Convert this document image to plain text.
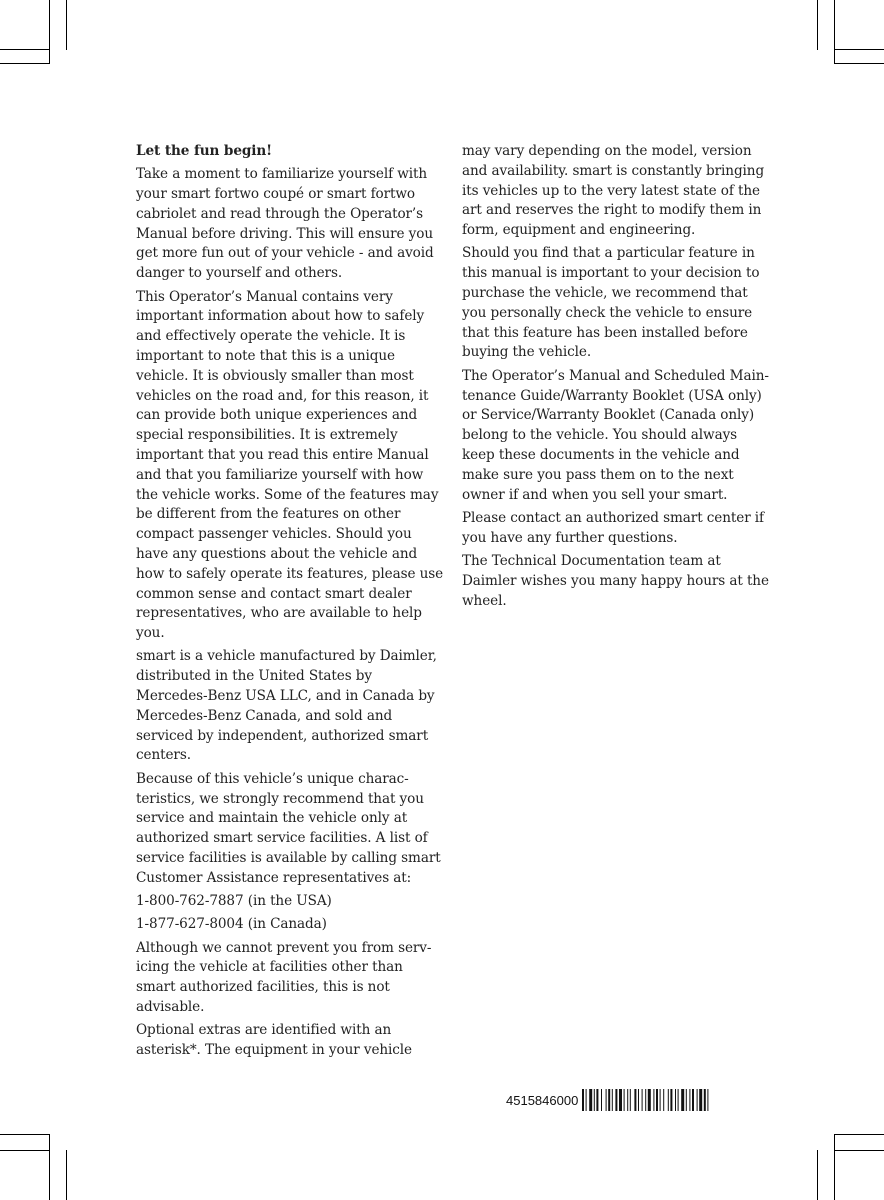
Let the fun begin!

Take a moment to familiarize yourself with your smart fortwo coupé or smart fortwo cabriolet and read through the Operator’s Manual before driving. This will ensure you get more fun out of your vehicle - and avoid danger to yourself and others.

This Operator’s Manual contains very important information about how to safely and effectively operate the vehicle. It is important to note that this is a unique vehicle. It is obviously smaller than most vehicles on the road and, for this reason, it can provide both unique experiences and special responsibilities. It is extremely important that you read this entire Manual and that you familiarize yourself with how the vehicle works. Some of the features may be different from the features on other compact passenger vehicles. Should you have any questions about the vehicle and how to safely operate its features, please use common sense and contact smart dealer representatives, who are available to help you.

smart is a vehicle manufactured by Daimler, distributed in the United States by Mercedes-Benz USA LLC, and in Canada by Mercedes-Benz Canada, and sold and serviced by independent, authorized smart centers.

Because of this vehicle’s unique characteristics, we strongly recommend that you service and maintain the vehicle only at authorized smart service facilities. A list of service facilities is available by calling smart Customer Assistance representatives at:

1-800-762-7887 (in the USA)

1-877-627-8004 (in Canada)

Although we cannot prevent you from servicing the vehicle at facilities other than smart authorized facilities, this is not advisable.

Optional extras are identified with an asterisk*. The equipment in your vehicle

may vary depending on the model, version and availability. smart is constantly bringing its vehicles up to the very latest state of the art and reserves the right to modify them in form, equipment and engineering.

Should you find that a particular feature in this manual is important to your decision to purchase the vehicle, we recommend that you personally check the vehicle to ensure that this feature has been installed before buying the vehicle.

The Operator’s Manual and Scheduled Maintenance Guide/Warranty Booklet (USA only) or Service/Warranty Booklet (Canada only) belong to the vehicle. You should always keep these documents in the vehicle and make sure you pass them on to the next owner if and when you sell your smart.

Please contact an authorized smart center if you have any further questions.

The Technical Documentation team at Daimler wishes you many happy hours at the wheel.

4515846000
